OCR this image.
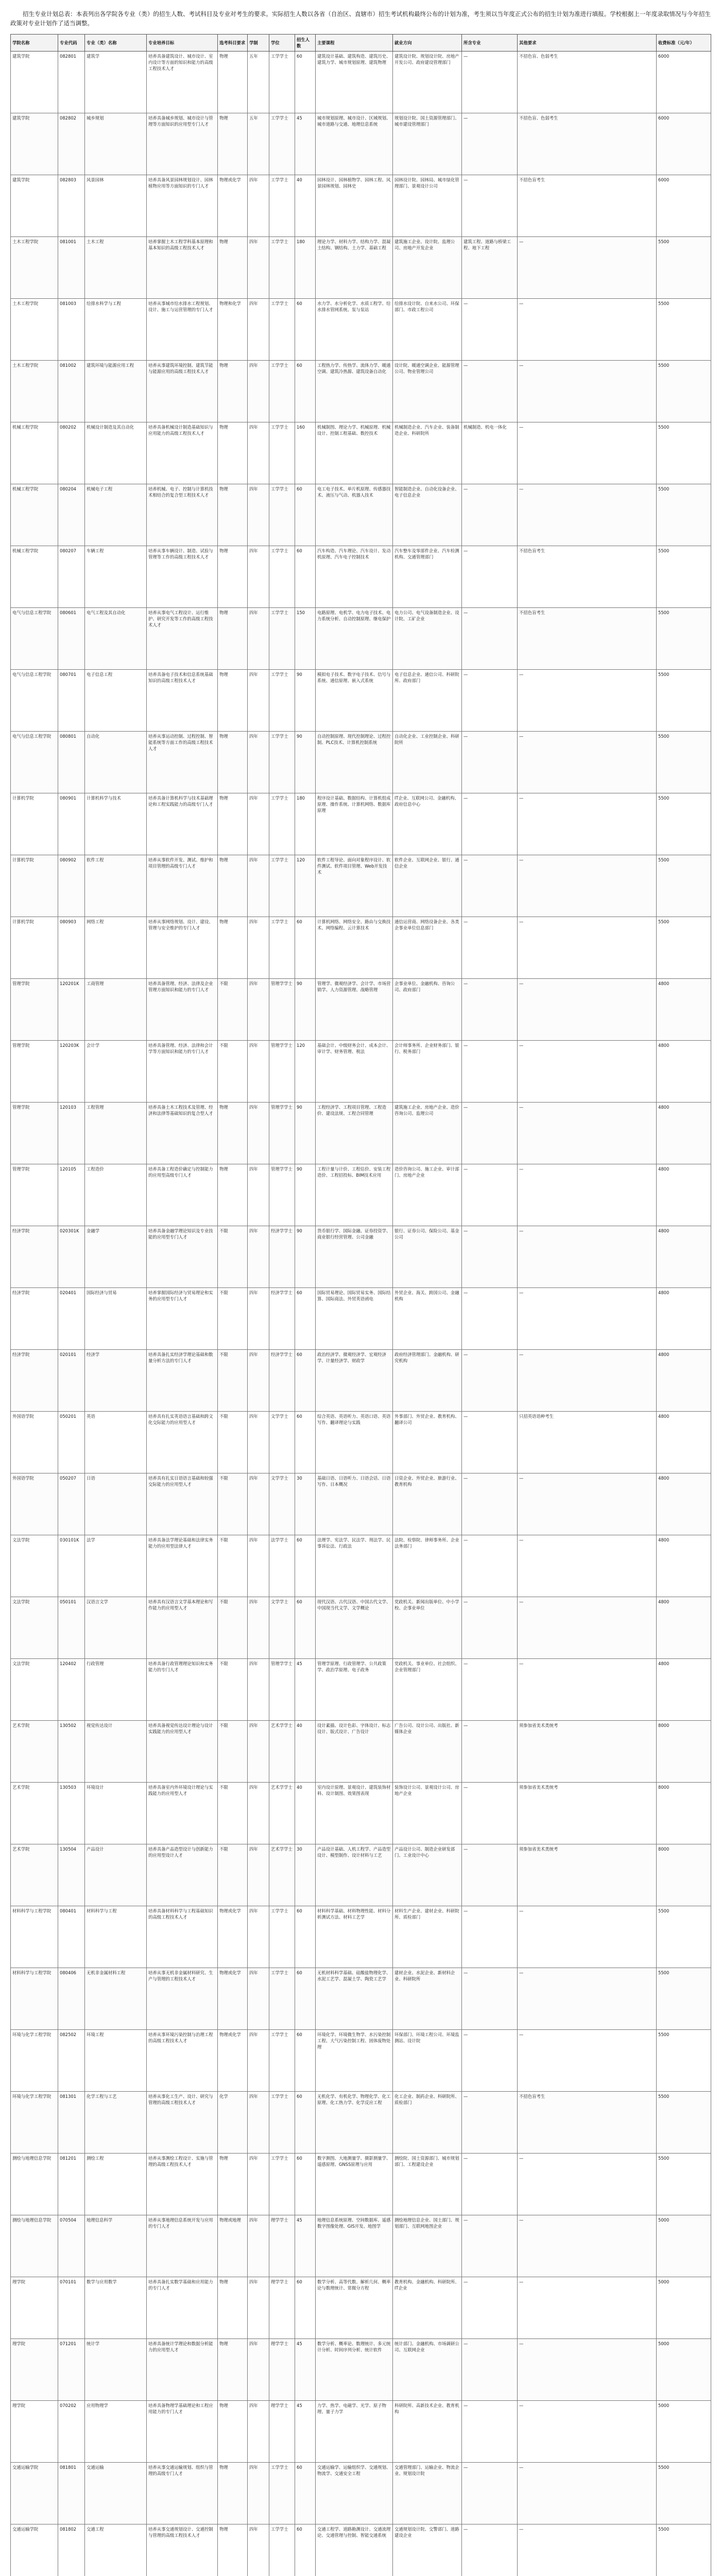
招生专业计划总表：本表列出各学院各专业（类）的招生人数、考试科目及专业对考生的要求。实际招生人数以各省（自治区、直辖市）招生考试机构最终公布的计划为准，考生须以当年度正式公布的招生计划为准进行填报。学校根据上一年度录取情况与今年招生政策对专业计划作了适当调整。
学院名称	专业代码	专业（类）名称	专业培养目标	选考科目要求	学制	学位	招生人数	主要课程	就业方向	所含专业	其他要求	收费标准（元/年）
建筑学院	082801	建筑学	培养具备建筑设计、城市设计、室内设计等方面的知识和能力的高级工程技术人才	物理	五年	工学学士	60	建筑设计基础、建筑构造、建筑历史、建筑力学、城市规划原理、建筑物理	建筑设计院、规划设计院、房地产开发公司、政府建设管理部门	—	不招色盲、色弱考生	6000
建筑学院	082802	城乡规划	培养具备城乡规划、城市设计与管理等方面知识的应用型专门人才	物理	五年	工学学士	45	城市规划原理、城市设计、区域规划、城市道路与交通、地理信息系统	规划设计院、国土资源管理部门、城市建设管理部门	—	不招色盲、色弱考生	6000
建筑学院	082803	风景园林	培养具备风景园林规划设计、园林植物应用等方面知识的专门人才	物理或化学	四年	工学学士	40	园林设计、园林植物学、园林工程、风景园林规划、园林史	园林设计院、园林局、城市绿化管理部门、景观设计公司	—	不招色盲考生	6000
土木工程学院	081001	土木工程	培养掌握土木工程学科基本原理和基本知识的高级工程技术人才	物理	四年	工学学士	180	理论力学、材料力学、结构力学、混凝土结构、钢结构、土力学、基础工程	建筑施工企业、设计院、监理公司、房地产开发企业	建筑工程、道路与桥梁工程、地下工程	—	5500
土木工程学院	081003	给排水科学与工程	培养从事城市给水排水工程规划、设计、施工与运营管理的专门人才	物理和化学	四年	工学学士	60	水力学、水分析化学、水质工程学、给水排水管网系统、泵与泵站	给排水设计院、自来水公司、环保部门、市政工程公司	—	—	5500
土木工程学院	081002	建筑环境与能源应用工程	培养从事建筑环境控制、建筑节能与能源应用的高级工程技术人才	物理	四年	工学学士	60	工程热力学、传热学、流体力学、暖通空调、建筑冷热源、建筑设备自动化	设计院、暖通空调企业、能源管理公司、物业管理公司	—	—	5500
机械工程学院	080202	机械设计制造及其自动化	培养具备机械设计制造基础知识与应用能力的高级工程技术人才	物理	四年	工学学士	160	机械制图、理论力学、机械原理、机械设计、控制工程基础、数控技术	机械制造企业、汽车企业、装备制造企业、科研院所	机械制造、机电一体化	—	5500
机械工程学院	080204	机械电子工程	培养机械、电子、控制与计算机技术相结合的复合型工程技术人才	物理	四年	工学学士	60	电工电子技术、单片机原理、传感器技术、液压与气动、机器人技术	智能制造企业、自动化设备企业、电子信息企业	—	—	5500
机械工程学院	080207	车辆工程	培养从事车辆设计、制造、试验与管理等工作的高级工程技术人才	物理	四年	工学学士	60	汽车构造、汽车理论、汽车设计、发动机原理、汽车电子控制技术	汽车整车及零部件企业、汽车检测机构、交通管理部门	—	不招色盲考生	5500
电气与信息工程学院	080601	电气工程及其自动化	培养从事电气工程设计、运行维护、研究开发等工作的高级工程技术人才	物理	四年	工学学士	150	电路原理、电机学、电力电子技术、电力系统分析、自动控制原理、继电保护	电力公司、电气设备制造企业、设计院、工矿企业	—	不招色盲考生	5500
电气与信息工程学院	080701	电子信息工程	培养具备电子技术和信息系统基础知识的高级工程技术人才	物理	四年	工学学士	90	模拟电子技术、数字电子技术、信号与系统、通信原理、嵌入式系统	电子信息企业、通信公司、科研院所、政府部门	—	—	5500
电气与信息工程学院	080801	自动化	培养从事运动控制、过程控制、智能系统等方面工作的高级工程技术人才	物理	四年	工学学士	90	自动控制原理、现代控制理论、过程控制、PLC技术、计算机控制系统	自动化企业、工业控制企业、科研院所	—	—	5500
计算机学院	080901	计算机科学与技术	培养具备计算机科学与技术基础理论和工程实践能力的高级专门人才	物理	四年	工学学士	180	程序设计基础、数据结构、计算机组成原理、操作系统、计算机网络、数据库原理	IT企业、互联网公司、金融机构、政府信息中心	—	—	5500
计算机学院	080902	软件工程	培养从事软件开发、测试、维护和项目管理的高级专门人才	物理	四年	工学学士	120	软件工程导论、面向对象程序设计、软件测试、软件项目管理、Web开发技术	软件企业、互联网企业、银行、通信企业	—	—	5500
计算机学院	080903	网络工程	培养从事网络规划、设计、建设、管理与安全维护的专门人才	物理	四年	工学学士	60	计算机网络、网络安全、路由与交换技术、网络编程、云计算技术	通信运营商、网络设备企业、各类企事业单位信息部门	—	—	5500
管理学院	120201K	工商管理	培养具备管理、经济、法律及企业管理方面知识和能力的专门人才	不限	四年	管理学学士	90	管理学、微观经济学、会计学、市场营销学、人力资源管理、战略管理	企事业单位、金融机构、咨询公司、政府部门	—	—	4800
管理学院	120203K	会计学	培养具备管理、经济、法律和会计学等方面知识和能力的专门人才	不限	四年	管理学学士	120	基础会计、中级财务会计、成本会计、审计学、财务管理、税法	会计师事务所、企业财务部门、银行、税务部门	—	—	4800
管理学院	120103	工程管理	培养具备土木工程技术及管理、经济和法律等基础知识的复合型人才	物理	四年	管理学学士	90	工程经济学、工程项目管理、工程造价、建设法规、工程合同管理	建筑施工企业、房地产企业、造价咨询公司、监理公司	—	—	4800
管理学院	120105	工程造价	培养具备工程造价确定与控制能力的应用型高级专门人才	物理	四年	管理学学士	90	工程计量与计价、工程估价、安装工程造价、工程招投标、BIM技术应用	造价咨询公司、施工企业、审计部门、房地产企业	—	—	4800
经济学院	020301K	金融学	培养具备金融学理论知识及专业技能的应用型专门人才	不限	四年	经济学学士	90	货币银行学、国际金融、证券投资学、商业银行经营管理、公司金融	银行、证券公司、保险公司、基金公司	—	—	4800
经济学院	020401	国际经济与贸易	培养掌握国际经济与贸易理论和实务的应用型专门人才	不限	四年	经济学学士	60	国际贸易理论、国际贸易实务、国际结算、国际商法、外贸英语函电	外贸企业、海关、跨国公司、金融机构	—	—	4800
经济学院	020101	经济学	培养具备扎实经济学理论基础和数量分析方法的专门人才	不限	四年	经济学学士	60	政治经济学、微观经济学、宏观经济学、计量经济学、财政学	政府经济管理部门、金融机构、研究机构	—	—	4800
外国语学院	050201	英语	培养具有扎实英语语言基础和跨文化交际能力的应用型人才	不限	四年	文学学士	60	综合英语、英语听力、英语口语、英语写作、翻译理论与实践	外事部门、外贸企业、教育机构、翻译公司	—	只招英语语种考生	4800
外国语学院	050207	日语	培养具有扎实日语语言基础和较强交际能力的应用型人才	不限	四年	文学学士	30	基础日语、日语听力、日语会话、日语写作、日本概况	日资企业、外贸企业、旅游行业、教育机构	—	—	4800
文法学院	030101K	法学	培养具备法学理论基础和法律实务能力的应用型法律人才	不限	四年	法学学士	60	法理学、宪法学、民法学、刑法学、民事诉讼法、行政法	法院、检察院、律师事务所、企业法务部门	—	—	4800
文法学院	050101	汉语言文学	培养具有汉语言文学基本理论和写作能力的应用型人才	不限	四年	文学学士	60	现代汉语、古代汉语、中国古代文学、中国现当代文学、文学概论	党政机关、新闻出版单位、中小学校、企事业单位	—	—	4800
文法学院	120402	行政管理	培养具备行政管理理论知识和实务能力的专门人才	不限	四年	管理学学士	45	管理学原理、行政管理学、公共政策学、政治学原理、电子政务	党政机关、事业单位、社会组织、企业管理部门	—	—	4800
艺术学院	130502	视觉传达设计	培养具备视觉传达设计理论与设计实践能力的应用型人才	不限	四年	艺术学学士	40	设计素描、设计色彩、字体设计、标志设计、版式设计、广告设计	广告公司、设计公司、出版社、新媒体企业	—	须参加省美术类统考	8000
艺术学院	130503	环境设计	培养具备室内外环境设计理论与实践能力的应用型人才	不限	四年	艺术学学士	40	室内设计原理、景观设计、建筑装饰材料、设计制图、效果图表现	装饰设计公司、景观设计公司、房地产企业	—	须参加省美术类统考	8000
艺术学院	130504	产品设计	培养具备产品造型设计与创新能力的应用型设计人才	不限	四年	艺术学学士	30	产品设计基础、人机工程学、产品造型设计、模型制作、设计材料与工艺	产品设计公司、制造企业研发部门、工业设计中心	—	须参加省美术类统考	8000
材料科学与工程学院	080401	材料科学与工程	培养具备材料科学与工程基础知识的高级工程技术人才	物理或化学	四年	工学学士	60	材料科学基础、材料物理性能、材料分析测试方法、材料工艺学	材料生产企业、建材企业、科研院所、质检部门	—	—	5500
材料科学与工程学院	080406	无机非金属材料工程	培养从事无机非金属材料研究、生产与管理的工程技术人才	物理或化学	四年	工学学士	60	无机材料科学基础、硅酸盐物理化学、水泥工艺学、混凝土学、陶瓷工艺学	建材企业、水泥企业、新材料企业、科研院所	—	—	5500
环境与化学工程学院	082502	环境工程	培养从事环境污染控制与治理工程的高级工程技术人才	物理或化学	四年	工学学士	60	环境化学、环境微生物学、水污染控制工程、大气污染控制工程、固体废物处理	环保部门、环境工程公司、环境监测站、设计院	—	—	5500
环境与化学工程学院	081301	化学工程与工艺	培养从事化工生产、设计、研究与管理的高级工程技术人才	化学	四年	工学学士	60	无机化学、有机化学、物理化学、化工原理、化工热力学、化学反应工程	化工企业、制药企业、科研院所、质检部门	—	不招色盲考生	5500
测绘与地理信息学院	081201	测绘工程	培养从事测绘工程设计、实施与管理的高级工程技术人才	物理	四年	工学学士	60	数字测图、大地测量学、摄影测量学、遥感原理、GNSS原理与应用	测绘院、国土资源部门、城市规划部门、工程建设企业	—	—	5500
测绘与地理信息学院	070504	地理信息科学	培养从事地理信息系统开发与应用的专门人才	物理或地理	四年	理学学士	45	地理信息系统原理、空间数据库、遥感数字图像处理、GIS开发、地图学	测绘地理信息企业、国土部门、规划部门、互联网地图企业	—	—	5000
理学院	070101	数学与应用数学	培养具备扎实数学基础和应用能力的专门人才	物理	四年	理学学士	60	数学分析、高等代数、解析几何、概率论与数理统计、常微分方程	教育机构、金融机构、科研院所、IT企业	—	—	5000
理学院	071201	统计学	培养具备统计学理论和数据分析能力的应用型人才	物理	四年	理学学士	45	数学分析、概率论、数理统计、多元统计分析、时间序列分析、统计软件	统计部门、金融机构、市场调研公司、互联网企业	—	—	5000
理学院	070202	应用物理学	培养具备物理学基础理论和工程应用能力的专门人才	物理	四年	理学学士	45	力学、热学、电磁学、光学、原子物理、量子力学	科研院所、高新技术企业、教育机构	—	—	5000
交通运输学院	081801	交通运输	培养从事交通运输规划、组织与管理的高级专门人才	物理	四年	工学学士	60	交通运输学、运输组织学、交通规划、物流学、交通安全工程	交通管理部门、运输企业、物流企业、规划设计院	—	—	5500
交通运输学院	081802	交通工程	培养从事交通规划设计、交通控制与管理的高级工程技术人才	物理	四年	工学学士	60	交通工程学、道路勘测设计、交通流理论、交通管理与控制、智能交通系统	交通规划设计院、交警部门、道路建设企业	—	—	5500
